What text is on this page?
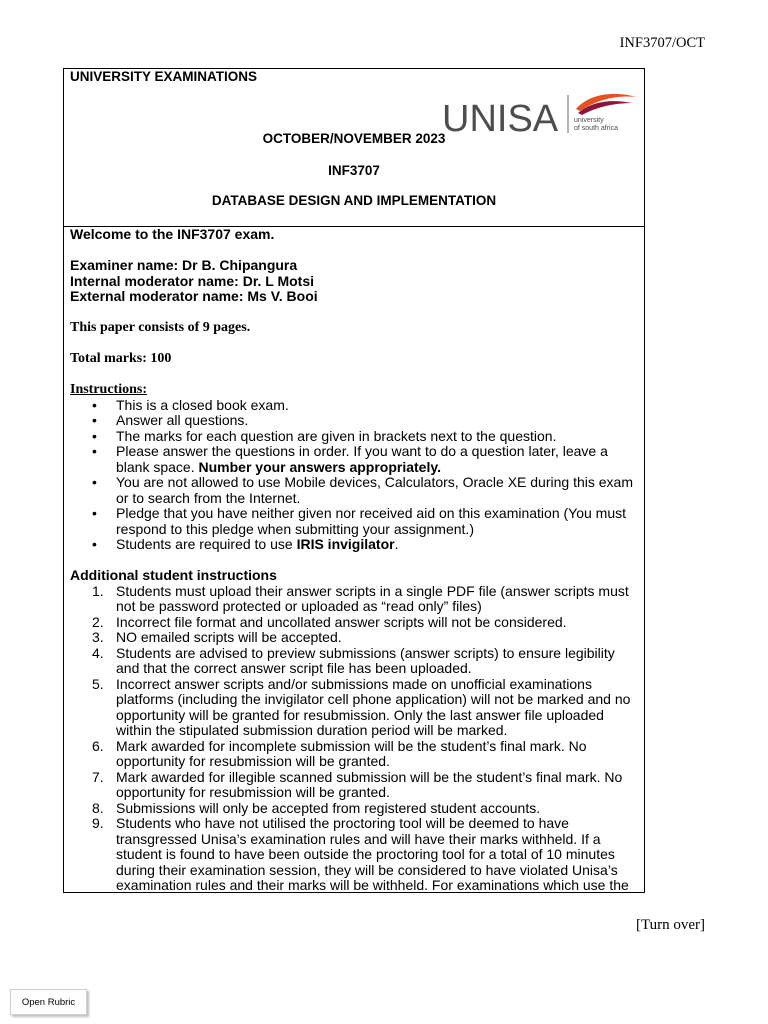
INF3707/OCT
UNIVERSITY EXAMINATIONS
UNISA university
of south africa
OCTOBER/NOVEMBER 2023
INF3707
DATABASE DESIGN AND IMPLEMENTATION
Welcome to the INF3707 exam.
Examiner name: Dr B. Chipangura
Internal moderator name: Dr. L Motsi
External moderator name: Ms V. Booi
This paper consists of 9 pages.
Total marks: 100
Instructions:
• This is a closed book exam.
• Answer all questions.
• The marks for each question are given in brackets next to the question.
• Please answer the questions in order. If you want to do a question later, leave a blank space. Number your answers appropriately.
• You are not allowed to use Mobile devices, Calculators, Oracle XE during this exam or to search from the Internet.
• Pledge that you have neither given nor received aid on this examination (You must respond to this pledge when submitting your assignment.)
• Students are required to use IRIS invigilator.
Additional student instructions
1. Students must upload their answer scripts in a single PDF file (answer scripts must not be password protected or uploaded as “read only” files)
2. Incorrect file format and uncollated answer scripts will not be considered.
3. NO emailed scripts will be accepted.
4. Students are advised to preview submissions (answer scripts) to ensure legibility and that the correct answer script file has been uploaded.
5. Incorrect answer scripts and/or submissions made on unofficial examinations platforms (including the invigilator cell phone application) will not be marked and no opportunity will be granted for resubmission. Only the last answer file uploaded within the stipulated submission duration period will be marked.
6. Mark awarded for incomplete submission will be the student’s final mark. No opportunity for resubmission will be granted.
7. Mark awarded for illegible scanned submission will be the student’s final mark. No opportunity for resubmission will be granted.
8. Submissions will only be accepted from registered student accounts.
9. Students who have not utilised the proctoring tool will be deemed to have transgressed Unisa’s examination rules and will have their marks withheld. If a student is found to have been outside the proctoring tool for a total of 10 minutes during their examination session, they will be considered to have violated Unisa’s examination rules and their marks will be withheld. For examinations which use the
[Turn over]
Open Rubric
